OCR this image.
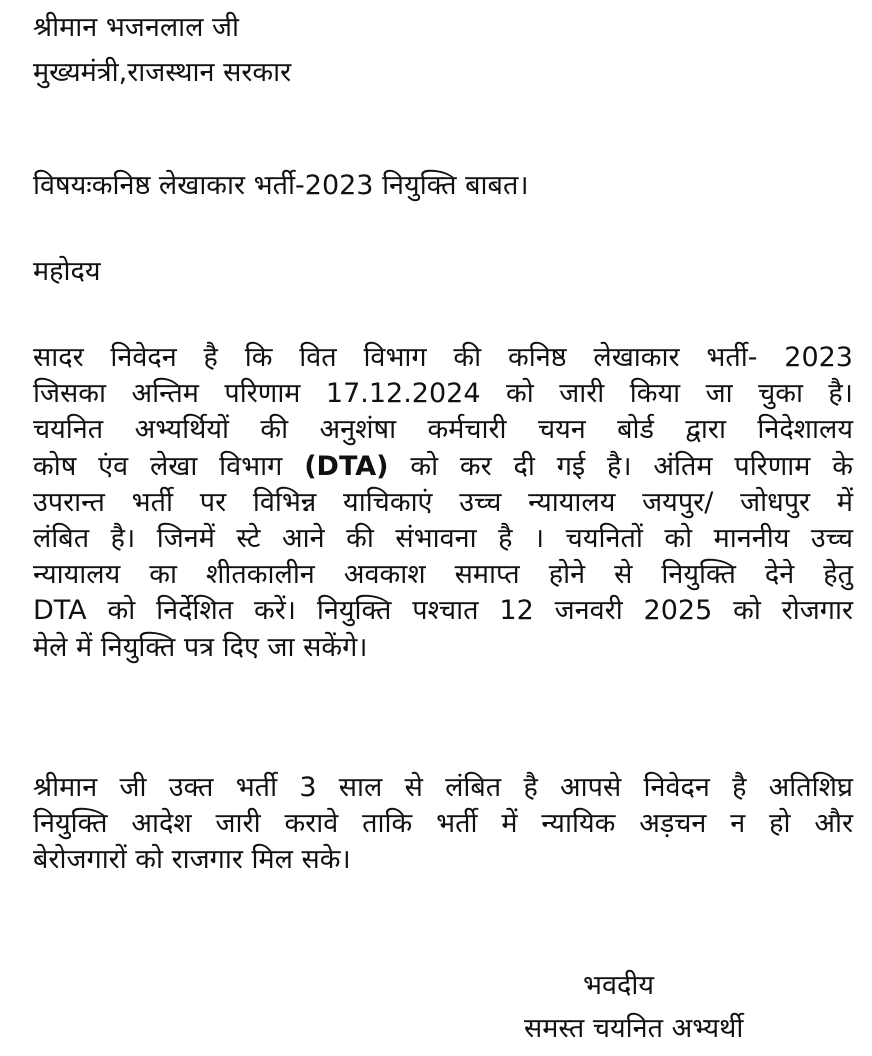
श्रीमान भजनलाल जी
मुख्यमंत्री,राजस्थान सरकार
विषयःकनिष्ठ लेखाकार भर्ती-2023 नियुक्ति बाबत।
महोदय
सादर निवेदन है कि वित विभाग की कनिष्ठ लेखाकार भर्ती- 2023
जिसका अन्तिम परिणाम 17.12.2024 को जारी किया जा चुका है।
चयनित अभ्यर्थियों की अनुशंषा कर्मचारी चयन बोर्ड द्वारा निदेशालय
कोष एंव लेखा विभाग (DTA) को कर दी गई है। अंतिम परिणाम के
उपरान्त भर्ती पर विभिन्न याचिकाएं उच्च न्यायालय जयपुर/ जोधपुर में
लंबित है। जिनमें स्टे आने की संभावना है । चयनितों को माननीय उच्च
न्यायालय का शीतकालीन अवकाश समाप्त होने से नियुक्ति देने हेतु
DTA को निर्देशित करें। नियुक्ति पश्चात 12 जनवरी 2025 को रोजगार
मेले में नियुक्ति पत्र दिए जा सकेंगे।
श्रीमान जी उक्त भर्ती 3 साल से लंबित है आपसे निवेदन है अतिशिघ्र
नियुक्ति आदेश जारी करावे ताकि भर्ती में न्यायिक अड़चन न हो और
बेरोजगारों को राजगार मिल सके।
भवदीय
समस्त चयनित अभ्यर्थी
